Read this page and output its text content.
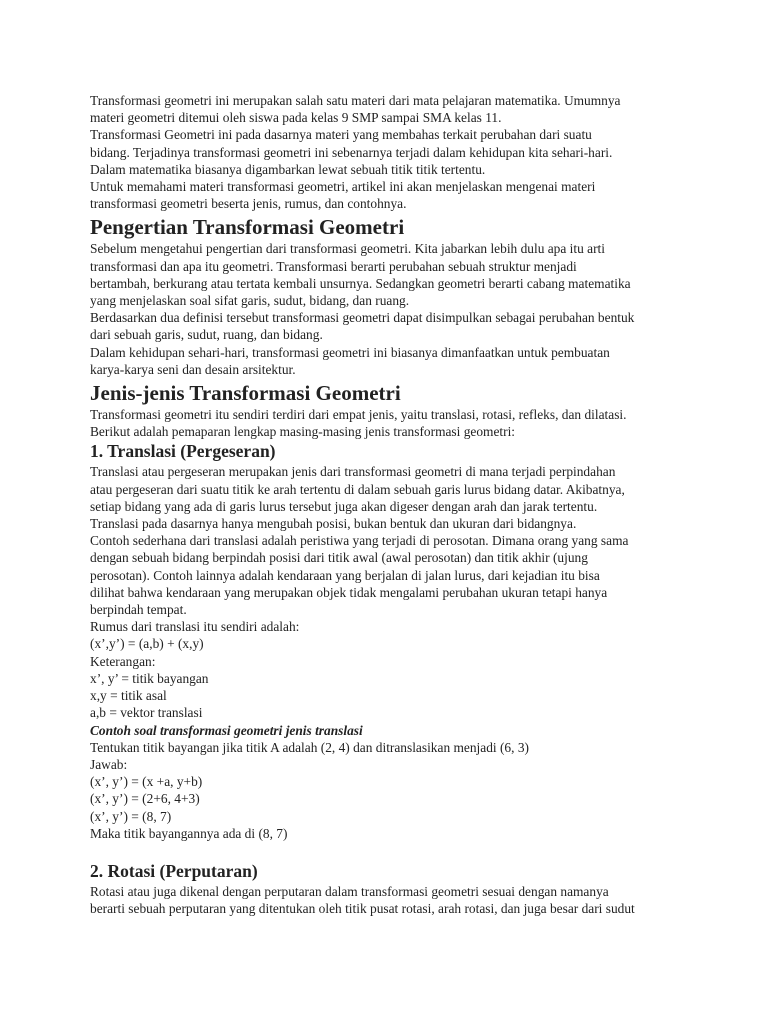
Transformasi geometri ini merupakan salah satu materi dari mata pelajaran matematika. Umumnya

materi geometri ditemui oleh siswa pada kelas 9 SMP sampai SMA kelas 11.

Transformasi Geometri ini pada dasarnya materi yang membahas terkait perubahan dari suatu

bidang. Terjadinya transformasi geometri ini sebenarnya terjadi dalam kehidupan kita sehari-hari.

Dalam matematika biasanya digambarkan lewat sebuah titik titik tertentu.

Untuk memahami materi transformasi geometri, artikel ini akan menjelaskan mengenai materi

transformasi geometri beserta jenis, rumus, dan contohnya.

Pengertian Transformasi Geometri

Sebelum mengetahui pengertian dari transformasi geometri. Kita jabarkan lebih dulu apa itu arti

transformasi dan apa itu geometri. Transformasi berarti perubahan sebuah struktur menjadi

bertambah, berkurang atau tertata kembali unsurnya. Sedangkan geometri berarti cabang matematika

yang menjelaskan soal sifat garis, sudut, bidang, dan ruang.

Berdasarkan dua definisi tersebut transformasi geometri dapat disimpulkan sebagai perubahan bentuk

dari sebuah garis, sudut, ruang, dan bidang.

Dalam kehidupan sehari-hari, transformasi geometri ini biasanya dimanfaatkan untuk pembuatan

karya-karya seni dan desain arsitektur.

Jenis-jenis Transformasi Geometri

Transformasi geometri itu sendiri terdiri dari empat jenis, yaitu translasi, rotasi, refleks, dan dilatasi.

Berikut adalah pemaparan lengkap masing-masing jenis transformasi geometri:

1. Translasi (Pergeseran)

Translasi atau pergeseran merupakan jenis dari transformasi geometri di mana terjadi perpindahan

atau pergeseran dari suatu titik ke arah tertentu di dalam sebuah garis lurus bidang datar. Akibatnya,

setiap bidang yang ada di garis lurus tersebut juga akan digeser dengan arah dan jarak tertentu.

Translasi pada dasarnya hanya mengubah posisi, bukan bentuk dan ukuran dari bidangnya.

Contoh sederhana dari translasi adalah peristiwa yang terjadi di perosotan. Dimana orang yang sama

dengan sebuah bidang berpindah posisi dari titik awal (awal perosotan) dan titik akhir (ujung

perosotan). Contoh lainnya adalah kendaraan yang berjalan di jalan lurus, dari kejadian itu bisa

dilihat bahwa kendaraan yang merupakan objek tidak mengalami perubahan ukuran tetapi hanya

berpindah tempat.

Rumus dari translasi itu sendiri adalah:

(x’,y’) = (a,b) + (x,y)

Keterangan:

x’, y’ = titik bayangan

x,y = titik asal

a,b = vektor translasi

Contoh soal transformasi geometri jenis translasi

Tentukan titik bayangan jika titik A adalah (2, 4) dan ditranslasikan menjadi (6, 3)

Jawab:

(x’, y’) = (x +a, y+b)

(x’, y’) = (2+6, 4+3)

(x’, y’) = (8, 7)

Maka titik bayangannya ada di (8, 7)

2. Rotasi (Perputaran)

Rotasi atau juga dikenal dengan perputaran dalam transformasi geometri sesuai dengan namanya

berarti sebuah perputaran yang ditentukan oleh titik pusat rotasi, arah rotasi, dan juga besar dari sudut
